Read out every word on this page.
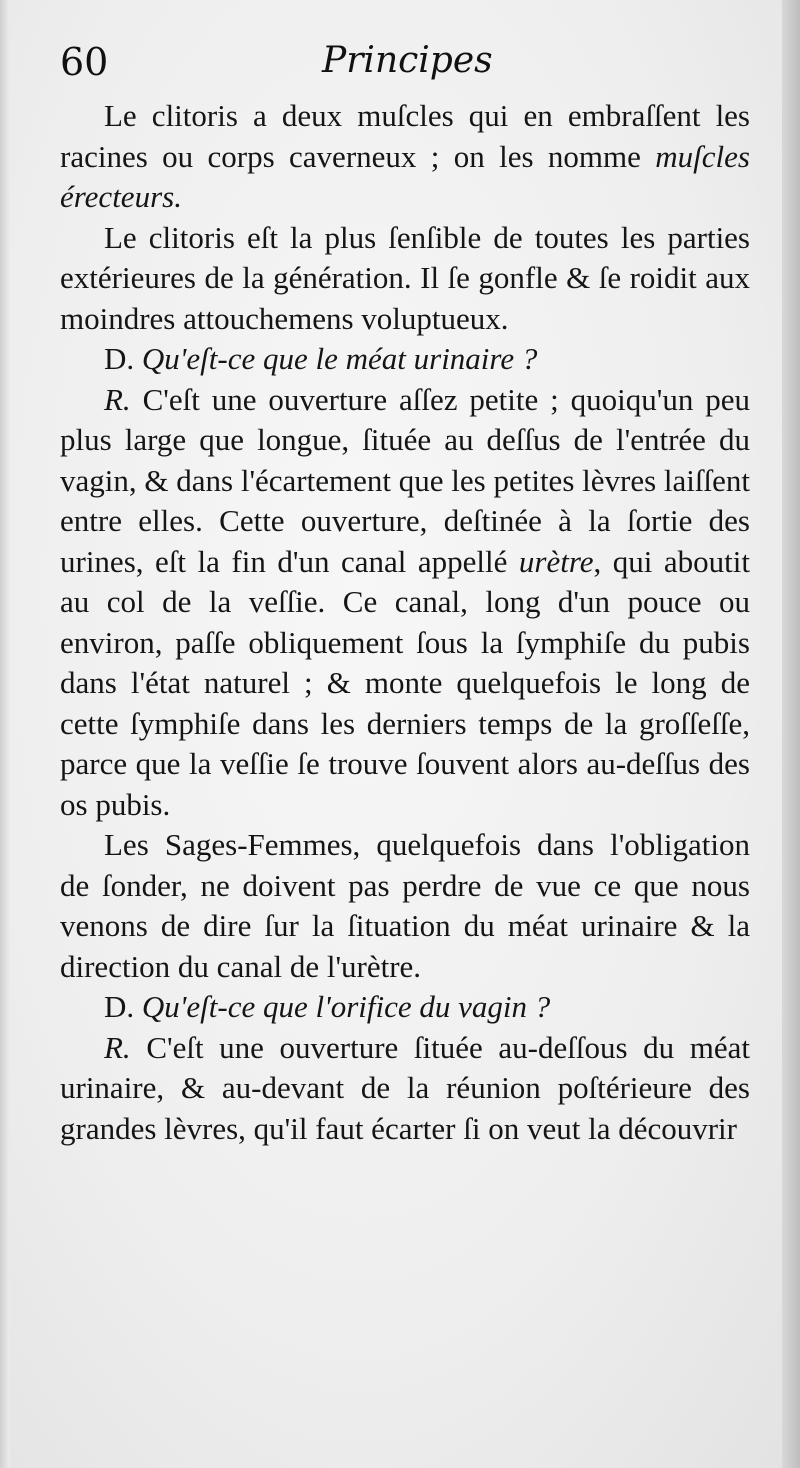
60	Principes

Le clitoris a deux muſcles qui en embraſſent les racines ou corps caverneux ; on les nomme muſcles érecteurs.

Le clitoris eſt la plus ſenſible de toutes les parties extérieures de la génération. Il ſe gonfle & ſe roidit aux moindres attouchemens voluptueux.

D. Qu'eſt-ce que le méat urinaire ?

R. C'eſt une ouverture aſſez petite ; quoiqu'un peu plus large que longue, ſituée au deſſus de l'entrée du vagin, & dans l'écartement que les petites lèvres laiſſent entre elles. Cette ouverture, deſtinée à la ſortie des urines, eſt la fin d'un canal appellé urètre, qui aboutit au col de la veſſie. Ce canal, long d'un pouce ou environ, paſſe obliquement ſous la ſymphiſe du pubis dans l'état naturel ; & monte quelquefois le long de cette ſymphiſe dans les derniers temps de la groſſeſſe, parce que la veſſie ſe trouve ſouvent alors au-deſſus des os pubis.

Les Sages-Femmes, quelquefois dans l'obligation de ſonder, ne doivent pas perdre de vue ce que nous venons de dire ſur la ſituation du méat urinaire & la direction du canal de l'urètre.

D. Qu'eſt-ce que l'orifice du vagin ?

R. C'eſt une ouverture ſituée au-deſſous du méat urinaire, & au-devant de la réunion poſtérieure des grandes lèvres, qu'il faut écarter ſi on veut la découvrir
